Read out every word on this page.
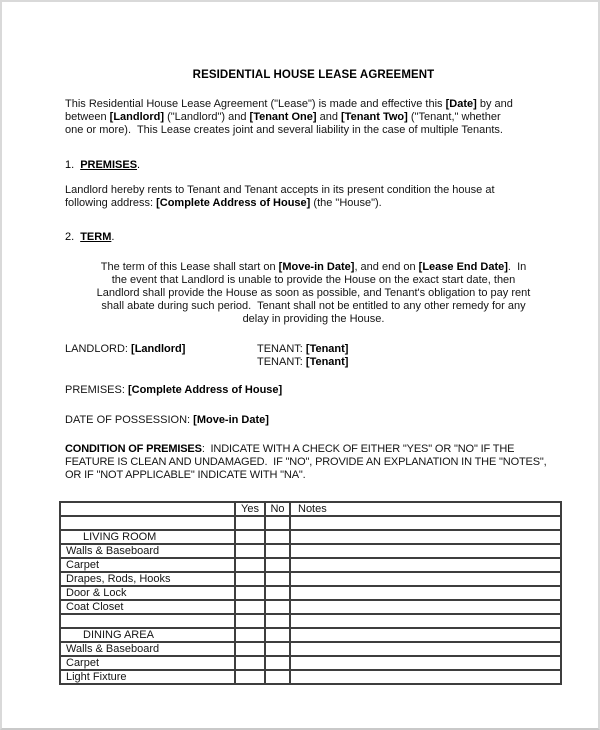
RESIDENTIAL HOUSE LEASE AGREEMENT
This Residential House Lease Agreement ("Lease") is made and effective this [Date] by and
between [Landlord] ("Landlord") and [Tenant One] and [Tenant Two] ("Tenant," whether
one or more).  This Lease creates joint and several liability in the case of multiple Tenants.
1. PREMISES.
Landlord hereby rents to Tenant and Tenant accepts in its present condition the house at
following address: [Complete Address of House] (the "House").
2. TERM.
The term of this Lease shall start on [Move-in Date], and end on [Lease End Date].  In
the event that Landlord is unable to provide the House on the exact start date, then
Landlord shall provide the House as soon as possible, and Tenant's obligation to pay rent
shall abate during such period.  Tenant shall not be entitled to any other remedy for any
delay in providing the House.
LANDLORD: [Landlord]	TENANT: [Tenant]
TENANT: [Tenant]
PREMISES: [Complete Address of House]
DATE OF POSSESSION: [Move-in Date]
CONDITION OF PREMISES:  INDICATE WITH A CHECK OF EITHER "YES" OR "NO" IF THE
FEATURE IS CLEAN AND UNDAMAGED.  IF "NO", PROVIDE AN EXPLANATION IN THE "NOTES",
OR IF "NOT APPLICABLE" INDICATE WITH "NA".
	Yes	No	Notes

LIVING ROOM			
Walls & Baseboard			
Carpet			
Drapes, Rods, Hooks			
Door & Lock			
Coat Closet			

DINING AREA			
Walls & Baseboard			
Carpet			
Light Fixture			
